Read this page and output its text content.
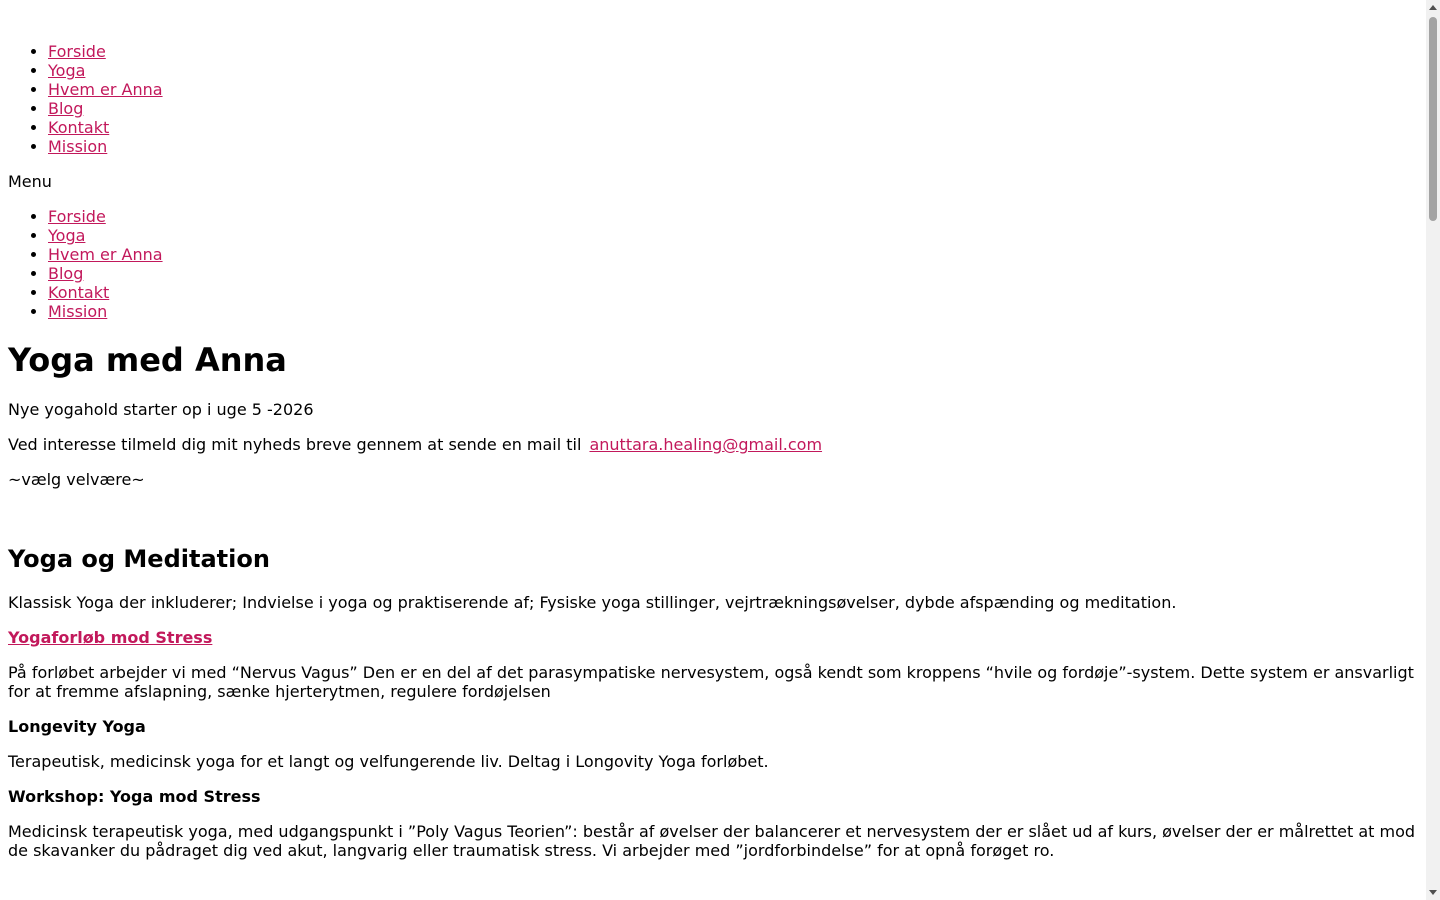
• Forside
• Yoga
• Hvem er Anna
• Blog
• Kontakt
• Mission
Menu
• Forside
• Yoga
• Hvem er Anna
• Blog
• Kontakt
• Mission
Yoga med Anna

Nye yogahold starter op i uge 5 -2026

Ved interesse tilmeld dig mit nyheds breve gennem at sende en mail til anuttara.healing@gmail.com

~vælg velvære~

Yoga og Meditation

Klassisk Yoga der inkluderer; Indvielse i yoga og praktiserende af; Fysiske yoga stillinger, vejrtrækningsøvelser, dybde afspænding og meditation.

Yogaforløb mod Stress

På forløbet arbejder vi med “Nervus Vagus” Den er en del af det parasympatiske nervesystem, også kendt som kroppens “hvile og fordøje”-system. Dette system er ansvarligt for at fremme afslapning, sænke hjerterytmen, regulere fordøjelsen

Longevity Yoga

Terapeutisk, medicinsk yoga for et langt og velfungerende liv. Deltag i Longovity Yoga forløbet.

Workshop: Yoga mod Stress

Medicinsk terapeutisk yoga, med udgangspunkt i ”Poly Vagus Teorien”: består af øvelser der balancerer et nervesystem der er slået ud af kurs, øvelser der er målrettet at mod de skavanker du pådraget dig ved akut, langvarig eller traumatisk stress. Vi arbejder med ”jordforbindelse” for at opnå forøget ro.
